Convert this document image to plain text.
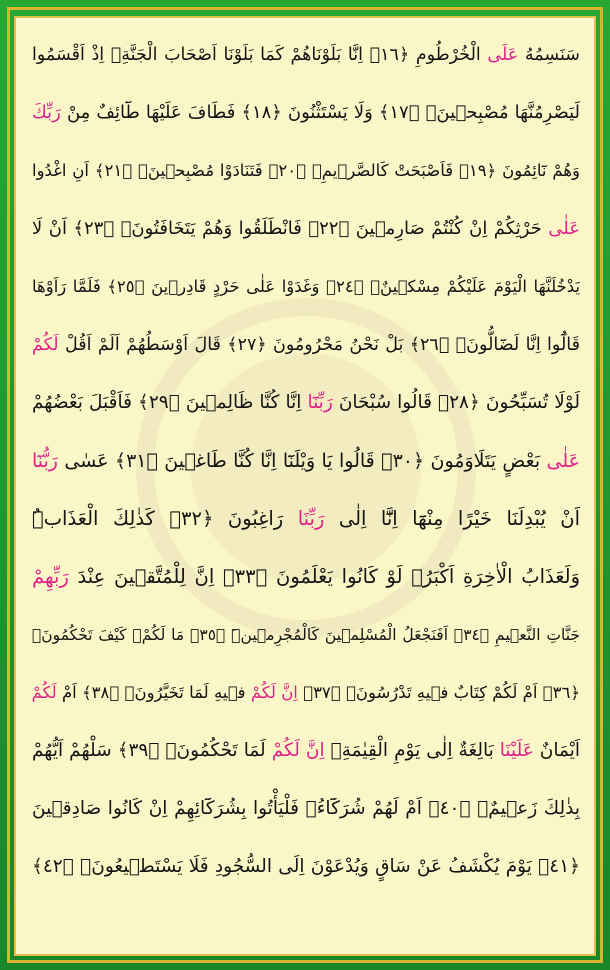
سَنَسِمُهُ عَلَى الْخُرْطُومِ ﴿١٦﴾ اِنَّا بَلَوْنَاهُمْ كَمَا بَلَوْنَا اَصْحَابَ الْجَنَّةِۚ اِذْ اَقْسَمُوا
لَيَصْرِمُنَّهَا مُصْبِح۪ينَۙ ﴿١٧﴾ وَلَا يَسْتَثْنُونَ ﴿١٨﴾ فَطَافَ عَلَيْهَا طَٓائِفٌ مِنْ رَبِّكَ
وَهُمْ نَٓائِمُونَ ﴿١٩﴾ فَاَصْبَحَتْ كَالصَّر۪يمِۙ ﴿٢٠﴾ فَتَنَادَوْا مُصْبِح۪ينَۙ ﴿٢١﴾ اَنِ اغْدُوا
عَلٰى حَرْثِكُمْ اِنْ كُنْتُمْ صَارِم۪ينَ ﴿٢٢﴾ فَانْطَلَقُوا وَهُمْ يَتَخَافَتُونَۙ ﴿٢٣﴾ اَنْ لَا
يَدْخُلَنَّهَا الْيَوْمَ عَلَيْكُمْ مِسْك۪ينٌۙ ﴿٢٤﴾ وَغَدَوْا عَلٰى حَرْدٍ قَادِر۪ينَ ﴿٢٥﴾ فَلَمَّا رَاَوْهَا
قَالُٓوا اِنَّا لَضَٓالُّونَۙ ﴿٢٦﴾ بَلْ نَحْنُ مَحْرُومُونَ ﴿٢٧﴾ قَالَ اَوْسَطُهُمْ اَلَمْ اَقُلْ لَكُمْ
لَوْلَا تُسَبِّحُونَ ﴿٢٨﴾ قَالُوا سُبْحَانَ رَبِّنَٓا اِنَّا كُنَّا ظَالِم۪ينَ ﴿٢٩﴾ فَاَقْبَلَ بَعْضُهُمْ
عَلٰى بَعْضٍ يَتَلَاوَمُونَ ﴿٣٠﴾ قَالُوا يَا وَيْلَنَٓا اِنَّا كُنَّا طَاغ۪ينَ ﴿٣١﴾ عَسٰى رَبُّنَٓا
اَنْ يُبْدِلَنَا خَيْرًا مِنْهَٓا اِنَّٓا اِلٰى رَبِّنَا رَاغِبُونَ ﴿٣٢﴾ كَذٰلِكَ الْعَذَابُۜ
وَلَعَذَابُ الْاٰخِرَةِ اَكْبَرُۢ لَوْ كَانُوا يَعْلَمُونَ ﴿٣٣﴾ اِنَّ لِلْمُتَّق۪ينَ عِنْدَ رَبِّهِمْ
جَنَّاتِ النَّع۪يمِ ﴿٣٤﴾ اَفَنَجْعَلُ الْمُسْلِم۪ينَ كَالْمُجْرِم۪ينَۜ ﴿٣٥﴾ مَا لَكُمْ۠ كَيْفَ تَحْكُمُونَۚ
﴿٣٦﴾ اَمْ لَكُمْ كِتَابٌ ف۪يهِ تَدْرُسُونَۙ ﴿٣٧﴾ اِنَّ لَكُمْ ف۪يهِ لَمَا تَخَيَّرُونَۚ ﴿٣٨﴾ اَمْ لَكُمْ
اَيْمَانٌ عَلَيْنَا بَالِغَةٌ اِلٰى يَوْمِ الْقِيٰمَةِۙ اِنَّ لَكُمْ لَمَا تَحْكُمُونَۚ ﴿٣٩﴾ سَلْهُمْ اَيُّهُمْ
بِذٰلِكَ زَع۪يمٌۚ ﴿٤٠﴾ اَمْ لَهُمْ شُرَكَٓاءُۚ فَلْيَأْتُوا بِشُرَكَٓائِهِمْ اِنْ كَانُوا صَادِق۪ينَ
﴿٤١﴾ يَوْمَ يُكْشَفُ عَنْ سَاقٍ وَيُدْعَوْنَ اِلَى السُّجُودِ فَلَا يَسْتَط۪يعُونَۙ ﴿٤٢﴾
